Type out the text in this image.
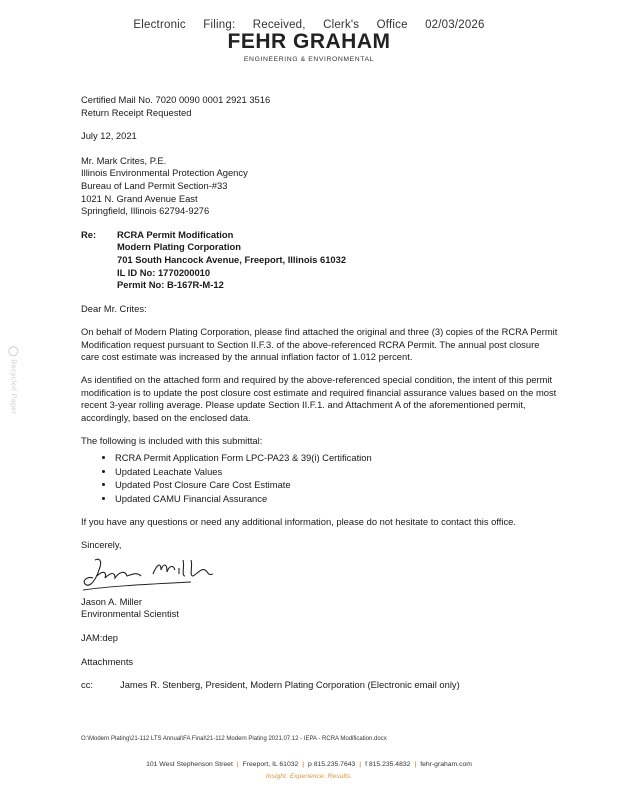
Electronic Filing: Received, Clerk's Office 02/03/2026
FEHR GRAHAM
ENGINEERING & ENVIRONMENTAL
Recycled Paper
Certified Mail No. 7020 0090 0001 2921 3516
Return Receipt Requested
July 12, 2021
Mr. Mark Crites, P.E.
Illinois Environmental Protection Agency
Bureau of Land Permit Section-#33
1021 N. Grand Avenue East
Springfield, Illinois 62794-9276
Re:	RCRA Permit Modification
Modern Plating Corporation
701 South Hancock Avenue, Freeport, Illinois 61032
IL ID No: 1770200010
Permit No: B-167R-M-12

Dear Mr. Crites:

On behalf of Modern Plating Corporation, please find attached the original and three (3) copies of the RCRA Permit Modification request pursuant to Section II.F.3. of the above-referenced RCRA Permit. The annual post closure care cost estimate was increased by the annual inflation factor of 1.012 percent.

As identified on the attached form and required by the above-referenced special condition, the intent of this permit modification is to update the post closure cost estimate and required financial assurance values based on the most recent 3-year rolling average. Please update Section II.F.1. and Attachment A of the aforementioned permit, accordingly, based on the enclosed data.

The following is included with this submittal:

• RCRA Permit Application Form LPC-PA23 & 39(i) Certification
• Updated Leachate Values
• Updated Post Closure Care Cost Estimate
• Updated CAMU Financial Assurance

If you have any questions or need any additional information, please do not hesitate to contact this office.

Sincerely,

Jason A. Miller
Environmental Scientist
JAM:dep
Attachments
cc:	James R. Stenberg, President, Modern Plating Corporation (Electronic email only)
O:\Modern Plating\21-112 LTS Annual\FA Final\21-112 Modern Plating 2021.07.12 - IEPA - RCRA Modification.docx
101 West Stephenson Street | Freeport, IL 61032 | p 815.235.7643 | f 815.235.4832 | fehr-graham.com
Insight. Experience. Results.
